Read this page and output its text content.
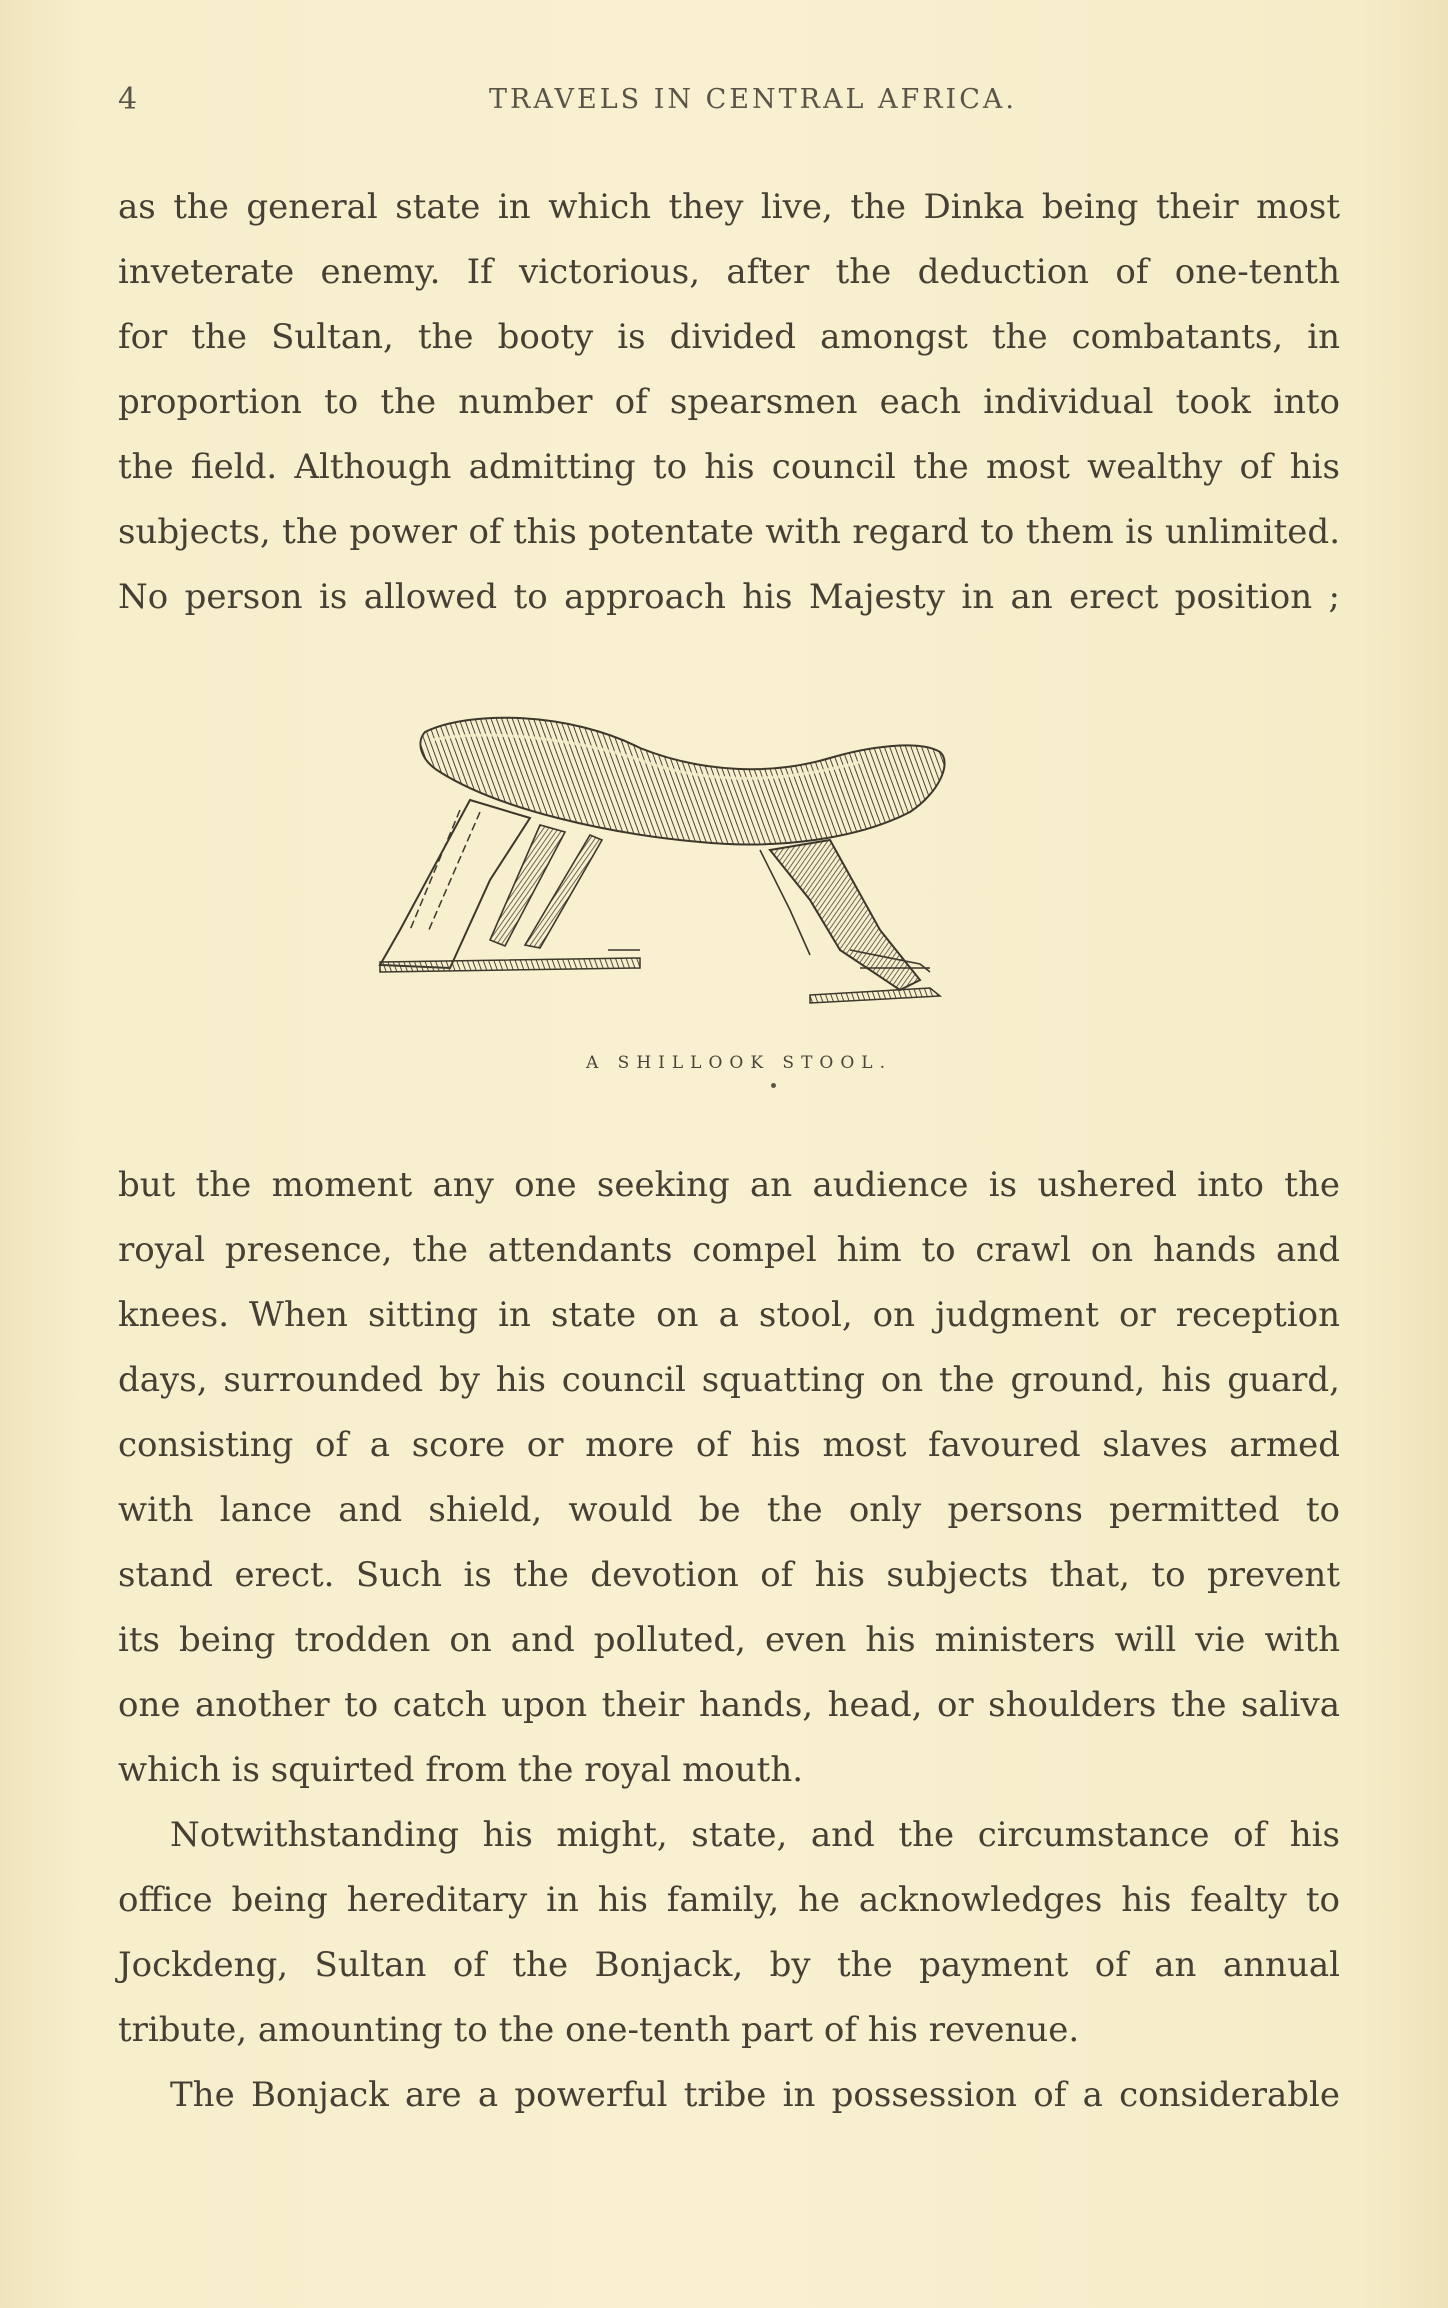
4	TRAVELS IN CENTRAL AFRICA.
as the general state in which they live, the Dinka being their most
inveterate enemy. If victorious, after the deduction of one-tenth
for the Sultan, the booty is divided amongst the combatants, in
proportion to the number of spearsmen each individual took into
the field. Although admitting to his council the most wealthy of his
subjects, the power of this potentate with regard to them is unlimited.
No person is allowed to approach his Majesty in an erect position ;
A SHILLOOK STOOL.
but the moment any one seeking an audience is ushered into the
royal presence, the attendants compel him to crawl on hands and
knees. When sitting in state on a stool, on judgment or reception
days, surrounded by his council squatting on the ground, his guard,
consisting of a score or more of his most favoured slaves armed
with lance and shield, would be the only persons permitted to
stand erect. Such is the devotion of his subjects that, to prevent
its being trodden on and polluted, even his ministers will vie with
one another to catch upon their hands, head, or shoulders the saliva
which is squirted from the royal mouth.
Notwithstanding his might, state, and the circumstance of his
office being hereditary in his family, he acknowledges his fealty to
Jockdeng, Sultan of the Bonjack, by the payment of an annual
tribute, amounting to the one-tenth part of his revenue.
The Bonjack are a powerful tribe in possession of a considerable
